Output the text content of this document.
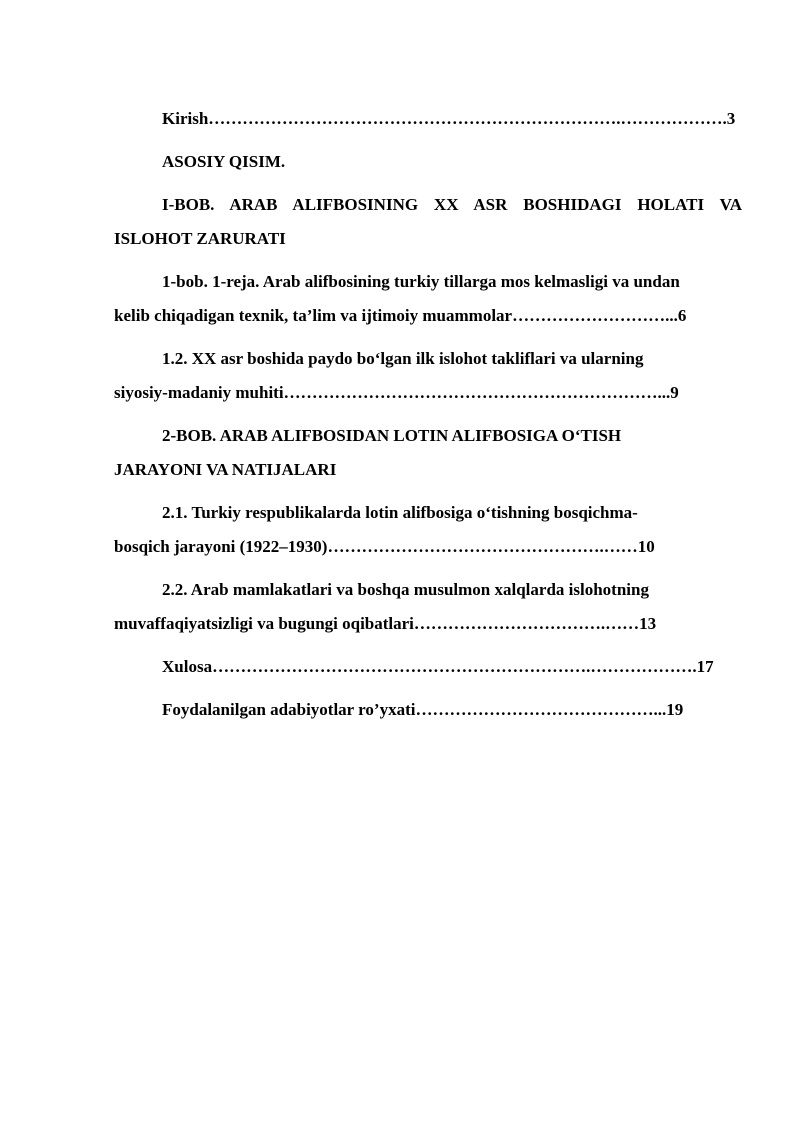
Kirish……………………………………………………………….……………….3
ASOSIY QISIM.
I-BOB. ARAB ALIFBOSINING XX ASR BOSHIDAGI HOLATI VA
ISLOHOT ZARURATI
1-bob. 1-reja. Arab alifbosining turkiy tillarga mos kelmasligi va undan
kelib chiqadigan texnik, ta’lim va ijtimoiy muammolar………………………...6
1.2. XX asr boshida paydo bo‘lgan ilk islohot takliflari va ularning
siyosiy-madaniy muhiti…………………………………………………………...9
2-BOB. ARAB ALIFBOSIDAN LOTIN ALIFBOSIGA O‘TISH
JARAYONI VA NATIJALARI
2.1. Turkiy respublikalarda lotin alifbosiga o‘tishning bosqichma-
bosqich jarayoni (1922–1930)………………………………………….……10
2.2. Arab mamlakatlari va boshqa musulmon xalqlarda islohotning
muvaffaqiyatsizligi va bugungi oqibatlari…………………………….……13
Xulosa………………………………………………………….……………….17
Foydalanilgan adabiyotlar ro’yxati……………………………………...19
